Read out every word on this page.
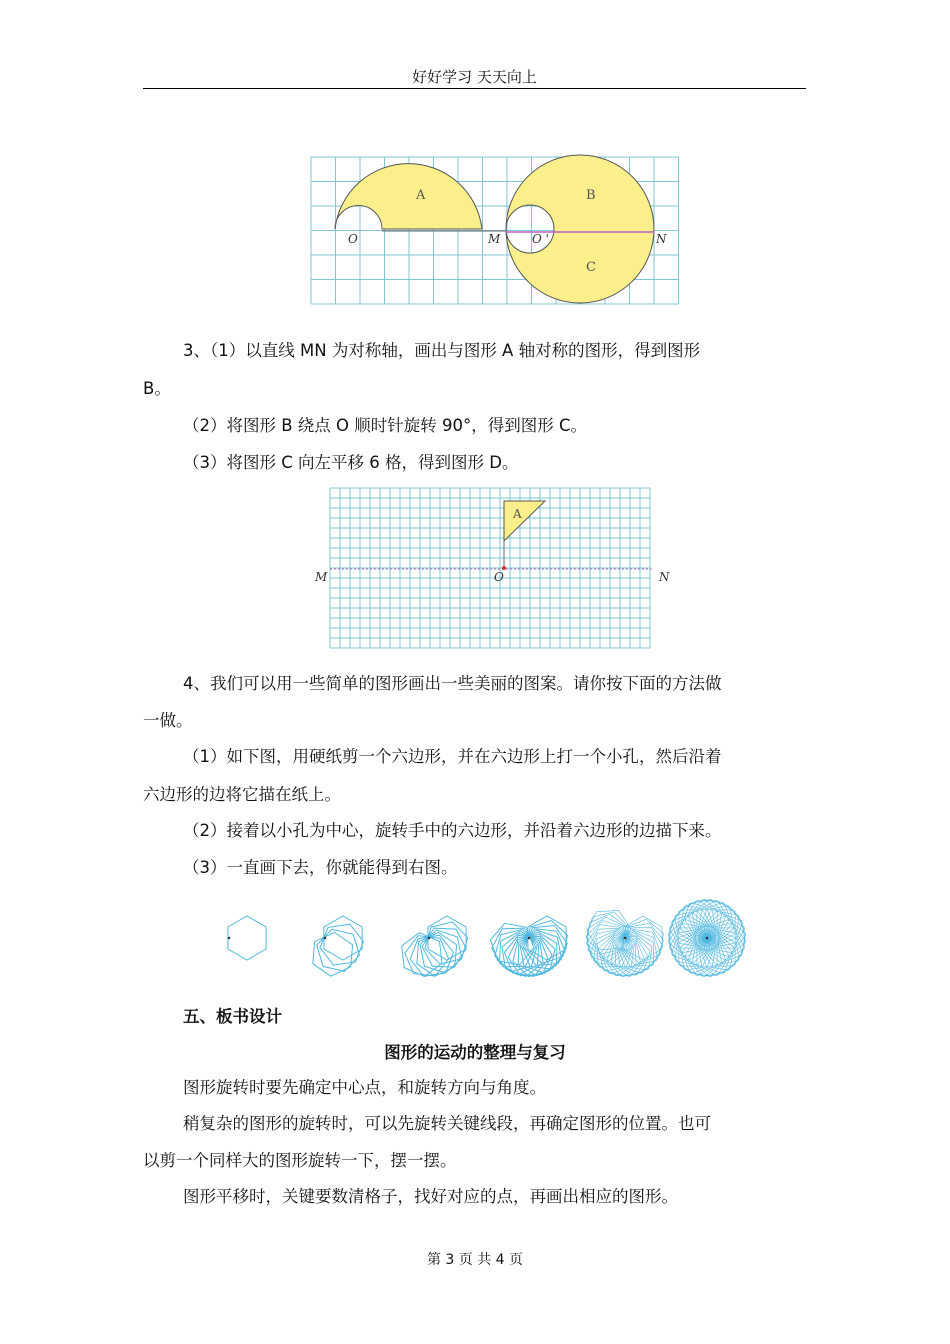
好好学习 天天向上
A	B
C
O	O '
M	N
3、（1）以直线 MN 为对称轴，画出与图形 A 轴对称的图形，得到图形
B。
（2）将图形 B 绕点 O 顺时针旋转 90°，得到图形 C。
（3）将图形 C 向左平移 6 格，得到图形 D。
A
O
M	N
4、我们可以用一些简单的图形画出一些美丽的图案。请你按下面的方法做
一做。
（1）如下图，用硬纸剪一个六边形，并在六边形上打一个小孔，然后沿着
六边形的边将它描在纸上。
（2）接着以小孔为中心，旋转手中的六边形，并沿着六边形的边描下来。
（3）一直画下去，你就能得到右图。
五、板书设计
图形的运动的整理与复习
图形旋转时要先确定中心点，和旋转方向与角度。
稍复杂的图形的旋转时，可以先旋转关键线段，再确定图形的位置。也可
以剪一个同样大的图形旋转一下，摆一摆。
图形平移时，关键要数清格子，找好对应的点，再画出相应的图形。
第 3 页 共 4 页
